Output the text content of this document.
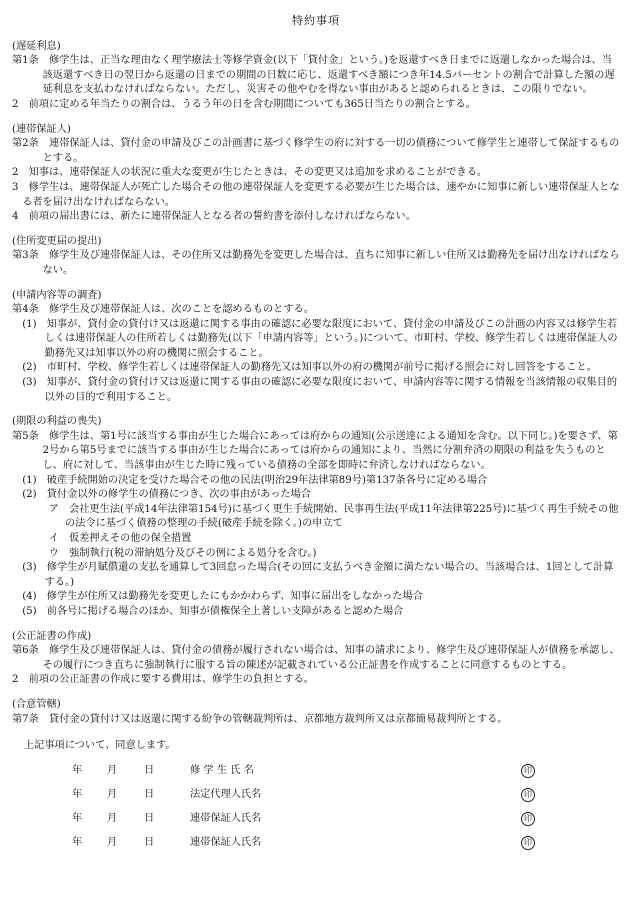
特約事項

(遅延利息)

第1条　修学生は、正当な理由なく理学療法士等修学資金(以下「貸付金」という。)を返還すべき日までに返還しなかった場合は、当該返還すべき日の翌日から返還の日までの期間の日数に応じ、返還すべき額につき年14.5パーセントの割合で計算した額の遅延利息を支払わなければならない。ただし、災害その他やむを得ない事由があると認められるときは、この限りでない。

2　前項に定める年当たりの割合は、うるう年の日を含む期間についても365日当たりの割合とする。

(連帯保証人)

第2条　連帯保証人は、貸付金の申請及びこの計画書に基づく修学生の府に対する一切の債務について修学生と連帯して保証するものとする。

2　知事は、連帯保証人の状況に重大な変更が生じたときは、その変更又は追加を求めることができる。

3　修学生は、連帯保証人が死亡した場合その他の連帯保証人を変更する必要が生じた場合は、速やかに知事に新しい連帯保証人となる者を届け出なければならない。

4　前項の届出書には、新たに連帯保証人となる者の誓約書を添付しなければならない。

(住所変更届の提出)

第3条　修学生及び連帯保証人は、その住所又は勤務先を変更した場合は、直ちに知事に新しい住所又は勤務先を届け出なければならない。

(申請内容等の調査)

第4条　修学生及び連帯保証人は、次のことを認めるものとする。

(1)　知事が、貸付金の貸付け又は返還に関する事由の確認に必要な限度において、貸付金の申請及びこの計画の内容又は修学生若しくは連帯保証人の住所若しくは勤務先(以下「申請内容等」という。)について、市町村、学校、修学生若しくは連帯保証人の勤務先又は知事以外の府の機関に照会すること。

(2)　市町村、学校、修学生若しくは連帯保証人の勤務先又は知事以外の府の機関が前号に掲げる照会に対し回答をすること。

(3)　知事が、貸付金の貸付け又は返還に関する事由の確認に必要な限度において、申請内容等に関する情報を当該情報の収集目的以外の目的で利用すること。

(期限の利益の喪失)

第5条　修学生は、第1号に該当する事由が生じた場合にあっては府からの通知(公示送達による通知を含む。以下同じ。)を要さず、第2号から第5号までに該当する事由が生じた場合にあっては府からの通知により、当然に分割弁済の期限の利益を失うものとし、府に対して、当該事由が生じた時に残っている債務の全部を即時に弁済しなければならない。

(1)　破産手続開始の決定を受けた場合その他の民法(明治29年法律第89号)第137条各号に定める場合

(2)　貸付金以外の修学生の債務につき、次の事由があった場合

ア　会社更生法(平成14年法律第154号)に基づく更生手続開始、民事再生法(平成11年法律第225号)に基づく再生手続その他の法令に基づく債務の整理の手続(破産手続を除く。)の申立て

イ　仮差押えその他の保全措置

ウ　強制執行(税の滞納処分及びその例による処分を含む。)

(3)　修学生が月賦償還の支払を通算して3回怠った場合(その回に支払うべき金額に満たない場合の、当該場合は、1回として計算する。)

(4)　修学生が住所又は勤務先を変更したにもかかわらず、知事に届出をしなかった場合

(5)　前各号に掲げる場合のほか、知事が債権保全上著しい支障があると認めた場合

(公正証書の作成)

第6条　修学生及び連帯保証人は、貸付金の債務が履行されない場合は、知事の請求により、修学生及び連帯保証人が債務を承認し、その履行につき直ちに強制執行に服する旨の陳述が記載されている公正証書を作成することに同意するものとする。

2　前項の公正証書の作成に要する費用は、修学生の負担とする。

(合意管轄)

第7条　貸付金の貸付け又は返還に関する紛争の管轄裁判所は、京都地方裁判所又は京都簡易裁判所とする。

上記事項について、同意します。

年 月	日	修 学 生 氏 名	印
年 月	日	法定代理人氏名	印
年 月	日	連帯保証人氏名	印
年 月	日	連帯保証人氏名	印
